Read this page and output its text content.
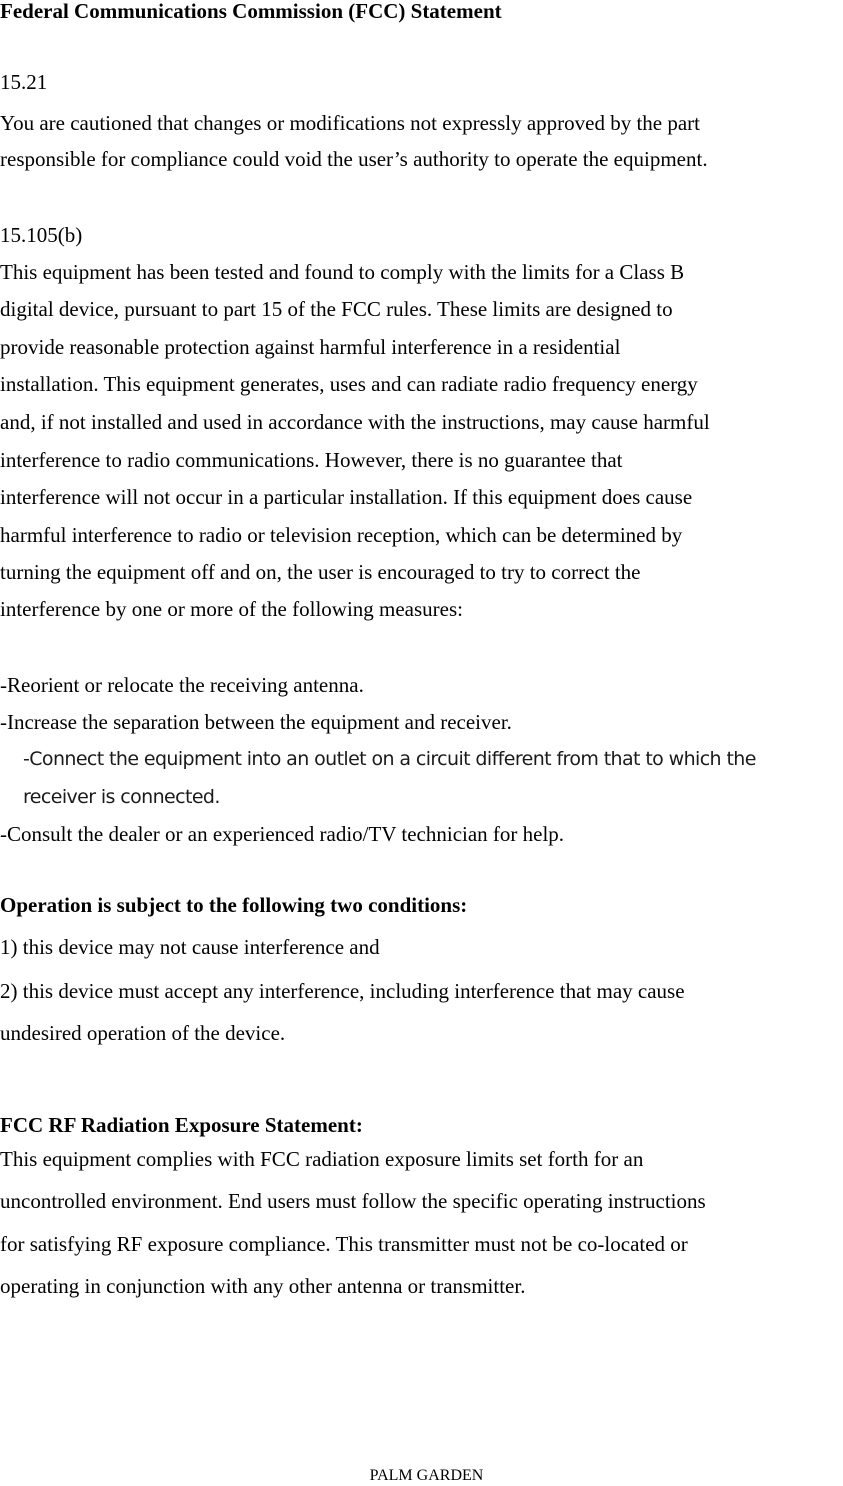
Federal Communications Commission (FCC) Statement

15.21

You are cautioned that changes or modifications not expressly approved by the part

responsible for compliance could void the user’s authority to operate the equipment.

15.105(b)

This equipment has been tested and found to comply with the limits for a Class B

digital device, pursuant to part 15 of the FCC rules. These limits are designed to

provide reasonable protection against harmful interference in a residential

installation. This equipment generates, uses and can radiate radio frequency energy

and, if not installed and used in accordance with the instructions, may cause harmful

interference to radio communications. However, there is no guarantee that

interference will not occur in a particular installation. If this equipment does cause

harmful interference to radio or television reception, which can be determined by

turning the equipment off and on, the user is encouraged to try to correct the

interference by one or more of the following measures:

-Reorient or relocate the receiving antenna.

-Increase the separation between the equipment and receiver.

-Connect the equipment into an outlet on a circuit different from that to which the

receiver is connected.

-Consult the dealer or an experienced radio/TV technician for help.

Operation is subject to the following two conditions:

1) this device may not cause interference and

2) this device must accept any interference, including interference that may cause

undesired operation of the device.

FCC RF Radiation Exposure Statement:

This equipment complies with FCC radiation exposure limits set forth for an

uncontrolled environment. End users must follow the specific operating instructions

for satisfying RF exposure compliance. This transmitter must not be co-located or

operating in conjunction with any other antenna or transmitter.

PALM GARDEN
